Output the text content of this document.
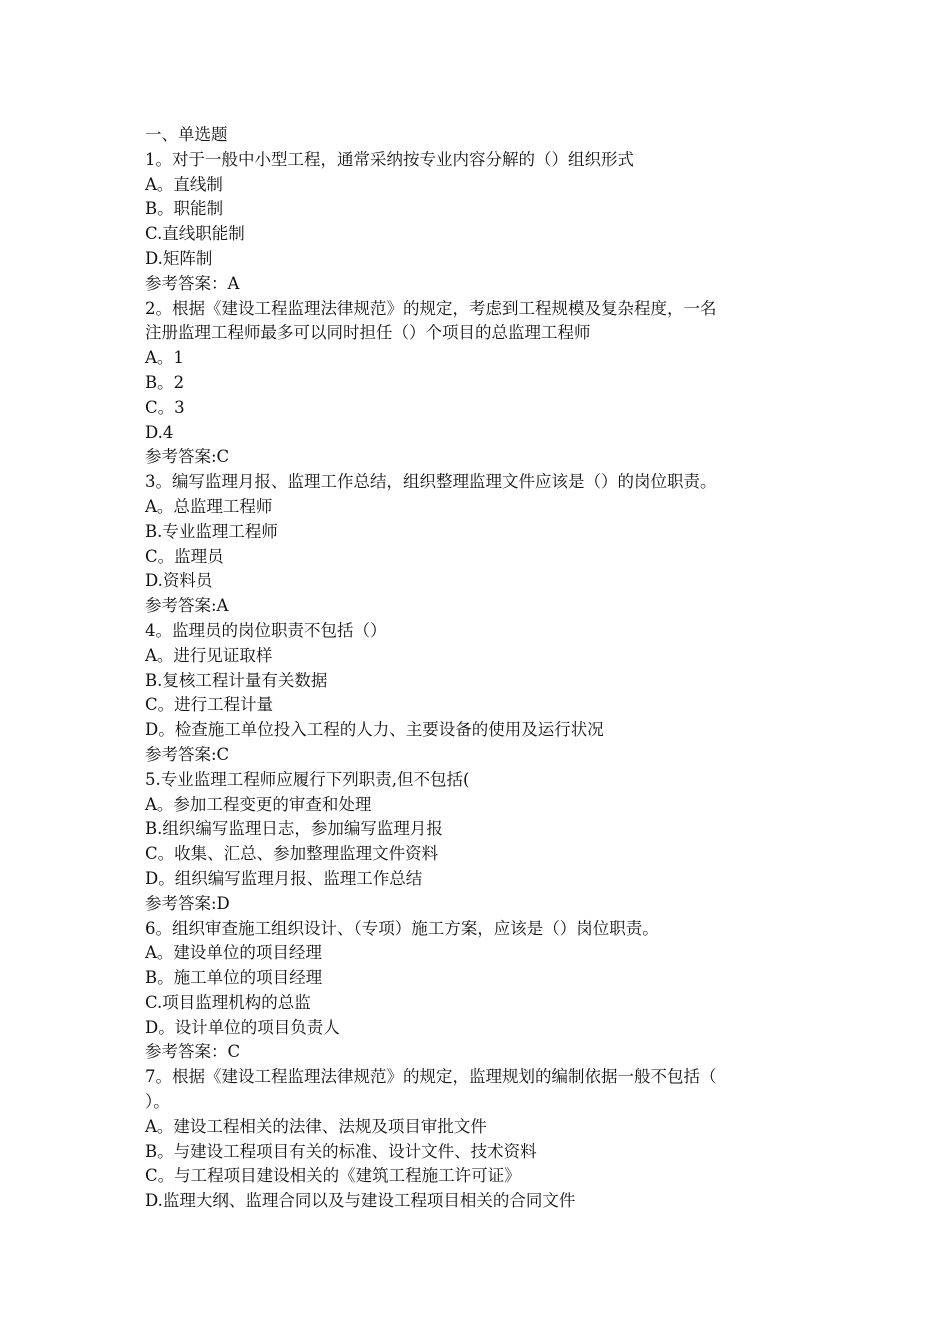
一、单选题
1。对于一般中小型工程，通常采纳按专业内容分解的（）组织形式
A。直线制
B。职能制
C.直线职能制
D.矩阵制
参考答案：A
2。根据《建设工程监理法律规范》的规定，考虑到工程规模及复杂程度，一名
注册监理工程师最多可以同时担任（）个项目的总监理工程师
A。1
B。2
C。3
D.4
参考答案:C
3。编写监理月报、监理工作总结，组织整理监理文件应该是（）的岗位职责。
A。总监理工程师
B.专业监理工程师
C。监理员
D.资料员
参考答案:A
4。监理员的岗位职责不包括（）
A。进行见证取样
B.复核工程计量有关数据
C。进行工程计量
D。检查施工单位投入工程的人力、主要设备的使用及运行状况
参考答案:C
5.专业监理工程师应履行下列职责,但不包括(
A。参加工程变更的审查和处理
B.组织编写监理日志，参加编写监理月报
C。收集、汇总、参加整理监理文件资料
D。组织编写监理月报、监理工作总结
参考答案:D
6。组织审查施工组织设计、（专项）施工方案，应该是（）岗位职责。
A。建设单位的项目经理
B。施工单位的项目经理
C.项目监理机构的总监
D。设计单位的项目负责人
参考答案：C
7。根据《建设工程监理法律规范》的规定，监理规划的编制依据一般不包括（
）。
A。建设工程相关的法律、法规及项目审批文件
B。与建设工程项目有关的标准、设计文件、技术资料
C。与工程项目建设相关的《建筑工程施工许可证》
D.监理大纲、监理合同以及与建设工程项目相关的合同文件
